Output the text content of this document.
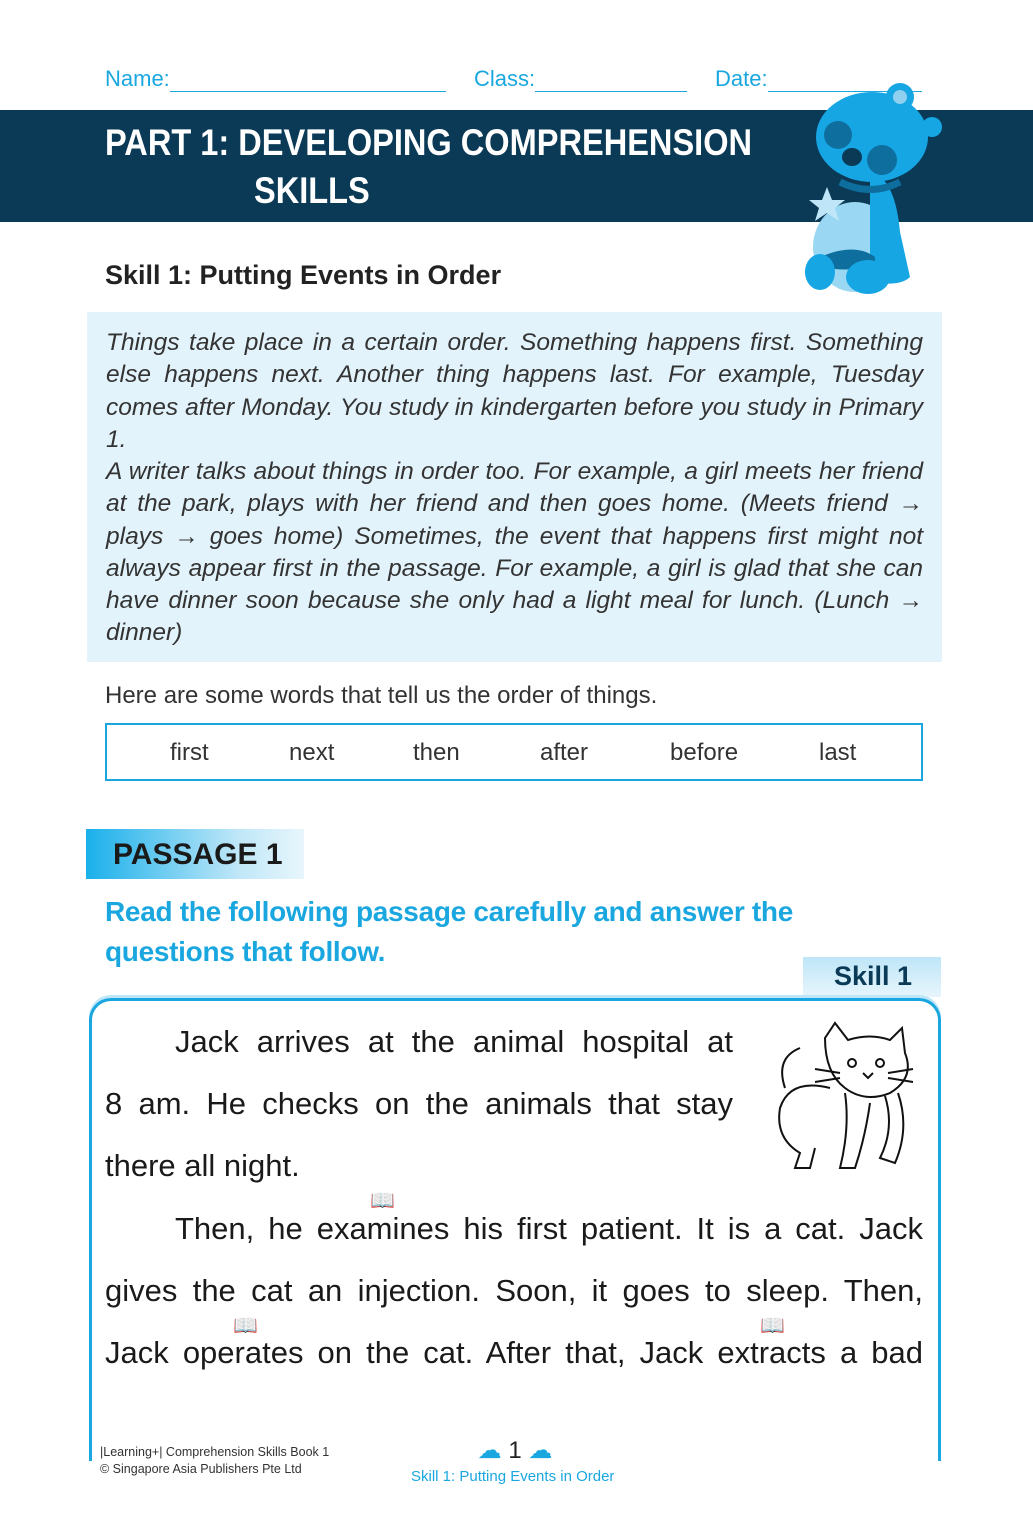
Name:	Class:	Date:
PART 1: DEVELOPING COMPREHENSION
SKILLS
Skill 1: Putting Events in Order

Things take place in a certain order. Something happens first. Something else happens next. Another thing happens last. For example, Tuesday comes after Monday. You study in kindergarten before you study in Primary 1.

A writer talks about things in order too. For example, a girl meets her friend at the park, plays with her friend and then goes home. (Meets friend → plays → goes home) Sometimes, the event that happens first might not always appear first in the passage. For example, a girl is glad that she can have dinner soon because she only had a light meal for lunch. (Lunch → dinner)

Here are some words that tell us the order of things.
first	next	then	after	before	last
PASSAGE 1
Read the following passage carefully and answer the questions that follow.
Skill 1
Jack arrives at the animal hospital at
8 am. He checks on the animals that stay
there all night.
Then, he examines his first patient. It is a cat. Jack
gives the cat an injection. Soon, it goes to sleep. Then,
Jack operates on the cat. After that, Jack extracts a bad
📖
📖	📖
|Learning+| Comprehension Skills Book 1
© Singapore Asia Publishers Pte Ltd
☁ 1 ☁
Skill 1: Putting Events in Order
